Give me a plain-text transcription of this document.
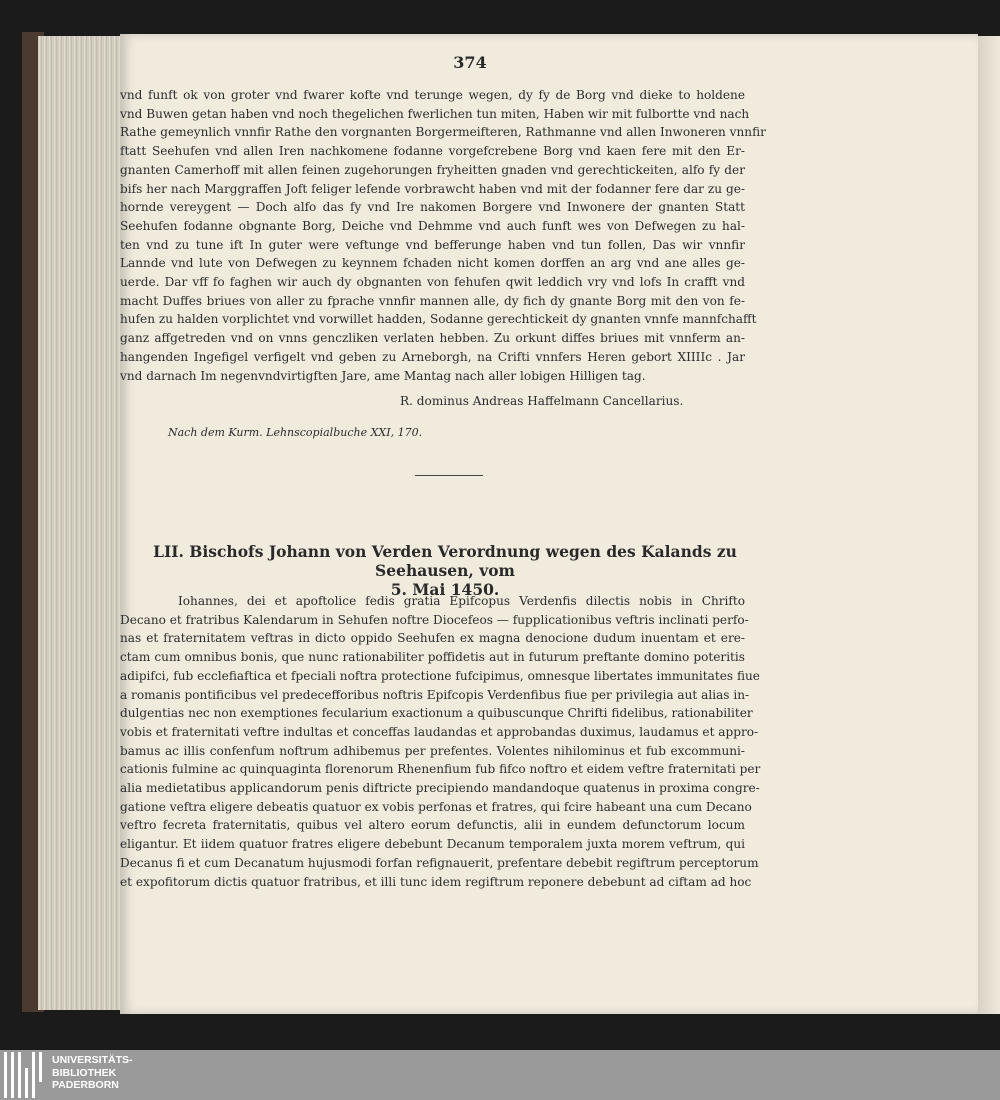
374
vnd funft ok von groter vnd fwarer kofte vnd terunge wegen, dy fy de Borg vnd dieke to holdene
vnd Buwen getan haben vnd noch thegelichen fwerlichen tun miten, Haben wir mit fulbortte vnd nach
Rathe gemeynlich vnnfir Rathe den vorgnanten Borgermeifteren, Rathmanne vnd allen Inwoneren vnnfir
ftatt Seehufen vnd allen Iren nachkomene fodanne vorgefcrebene Borg vnd kaen fere mit den Er-
gnanten Camerhoff mit allen feinen zugehorungen fryheitten gnaden vnd gerechtickeiten, alfo fy der
bifs her nach Marggraffen Joft feliger lefende vorbrawcht haben vnd mit der fodanner fere dar zu ge-
hornde vereygent — Doch alfo das fy vnd Ire nakomen Borgere vnd Inwonere der gnanten Statt
Seehufen fodanne obgnante Borg, Deiche vnd Dehmme vnd auch funft wes von Defwegen zu hal-
ten vnd zu tune ift In guter were veftunge vnd befferunge haben vnd tun follen, Das wir vnnfir
Lannde vnd lute von Defwegen zu keynnem fchaden nicht komen dorffen an arg vnd ane alles ge-
uerde. Dar vff fo faghen wir auch dy obgnanten von fehufen qwit leddich vry vnd lofs In crafft vnd
macht Duffes briues von aller zu fprache vnnfir mannen alle, dy fich dy gnante Borg mit den von fe-
hufen zu halden vorplichtet vnd vorwillet hadden, Sodanne gerechtickeit dy gnanten vnnfe mannfchafft
ganz affgetreden vnd on vnns genczliken verlaten hebben. Zu orkunt diffes briues mit vnnferm an-
hangenden Ingefigel verfigelt vnd geben zu Arneborgh, na Crifti vnnfers Heren gebort XIIIIc . Jar
vnd darnach Im negenvndvirtigften Jare, ame Mantag nach aller lobigen Hilligen tag.
R. dominus Andreas Haffelmann Cancellarius.
Nach dem Kurm. Lehnscopialbuche XXI, 170.
LII. Bischofs Johann von Verden Verordnung wegen des Kalands zu Seehausen, vom
5. Mai 1450.
Iohannes, dei et apoftolice fedis gratia Epifcopus Verdenfis dilectis nobis in Chrifto
Decano et fratribus Kalendarum in Sehufen noftre Diocefeos — fupplicationibus veftris inclinati perfo-
nas et fraternitatem veftras in dicto oppido Seehufen ex magna denocione dudum inuentam et ere-
ctam cum omnibus bonis, que nunc rationabiliter poffidetis aut in futurum preftante domino poteritis
adipifci, fub ecclefiaftica et fpeciali noftra protectione fufcipimus, omnesque libertates immunitates fiue
a romanis pontificibus vel predecefforibus noftris Epifcopis Verdenfibus fiue per privilegia aut alias in-
dulgentias nec non exemptiones fecularium exactionum a quibuscunque Chrifti fidelibus, rationabiliter
vobis et fraternitati veftre indultas et conceffas laudandas et approbandas duximus, laudamus et appro-
bamus ac illis confenfum noftrum adhibemus per prefentes. Volentes nihilominus et fub excommuni-
cationis fulmine ac quinquaginta florenorum Rhenenfium fub fifco noftro et eidem veftre fraternitati per
alia medietatibus applicandorum penis diftricte precipiendo mandandoque quatenus in proxima congre-
gatione veftra eligere debeatis quatuor ex vobis perfonas et fratres, qui fcire habeant una cum Decano
veftro fecreta fraternitatis, quibus vel altero eorum defunctis, alii in eundem defunctorum locum
eligantur. Et iidem quatuor fratres eligere debebunt Decanum temporalem juxta morem veftrum, qui
Decanus fi et cum Decanatum hujusmodi forfan refignauerit, prefentare debebit regiftrum perceptorum
et expofitorum dictis quatuor fratribus, et illi tunc idem regiftrum reponere debebunt ad ciftam ad hoc
UNIVERSITÄTS-
BIBLIOTHEK
PADERBORN
